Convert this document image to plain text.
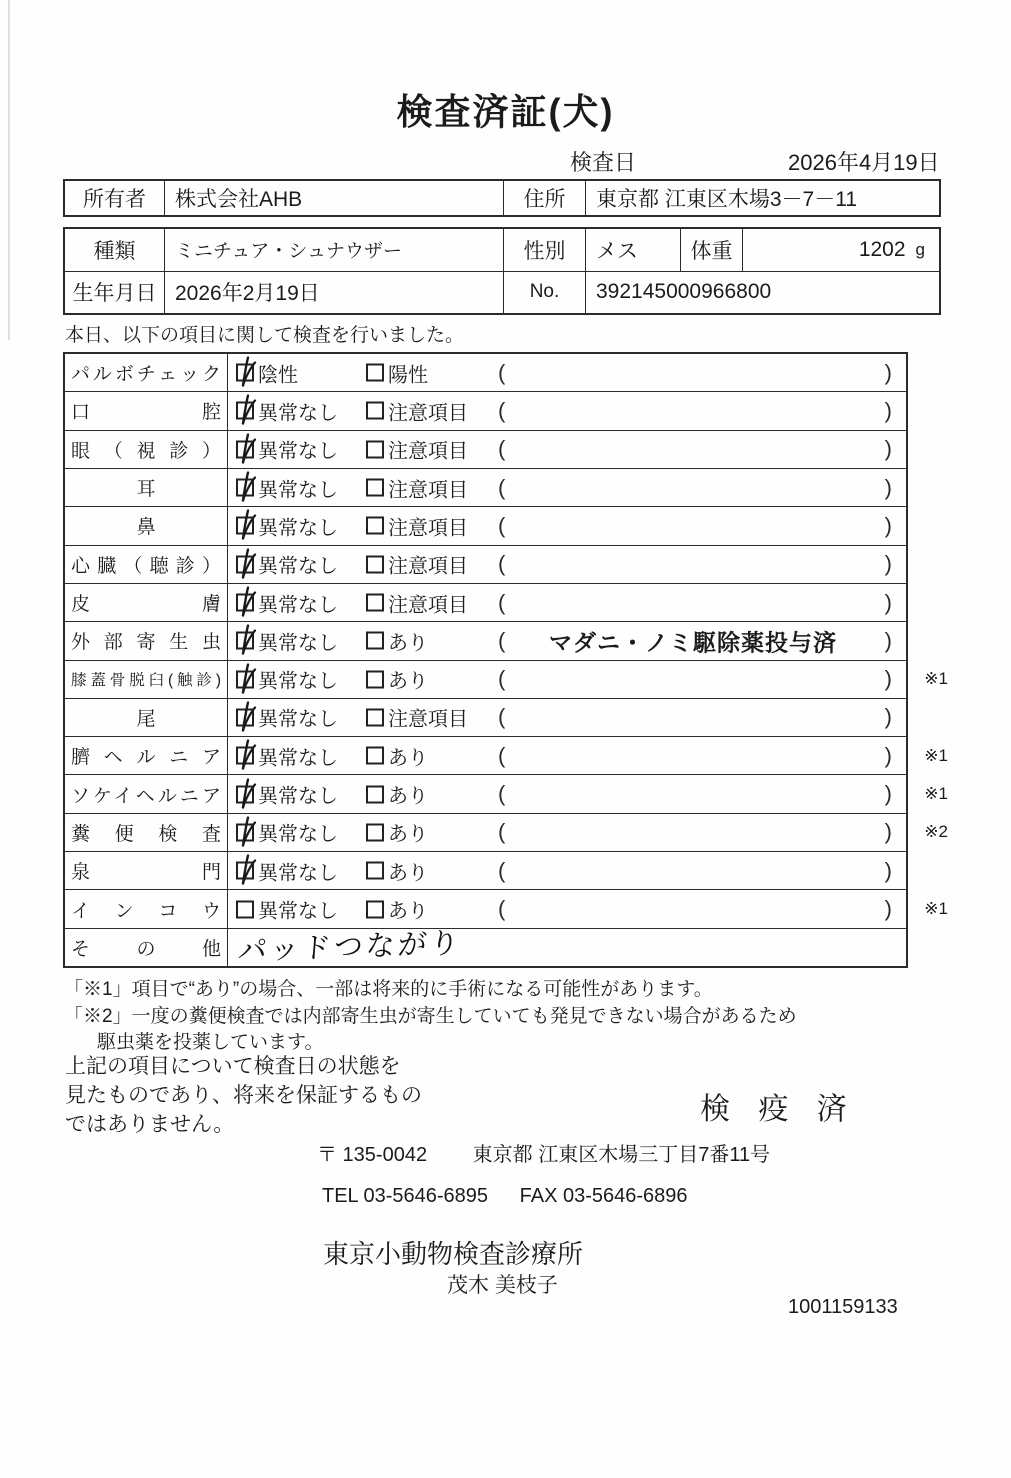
検査済証(犬)
検査日	2026年4月19日
所有者	株式会社AHB	住所	東京都 江東区木場3－7－11
種類	ミニチュア・シュナウザー	性別	メス	体重	1202 g
生年月日 2026年2月19日	No.	392145000966800
本日、以下の項目に関して検査を行いました。
パルボチェック 陰性	陽性	(	)
口腔 異常なし	注意項目 (	)
眼（視診） 異常なし	注意項目 (	)
耳	異常なし	注意項目 (	)
鼻	異常なし	注意項目 (	)
心臓（聴診） 異常なし	注意項目 (	)
皮膚 異常なし	注意項目 (	)
外部寄生虫 異常なし	あり	(	マダニ・ノミ駆除薬投与済	)
膝蓋骨脱臼(触診) 異常なし	あり	(	) ※1
尾	異常なし	注意項目 (	)
臍ヘルニア 異常なし	あり	(	) ※1
ソケイヘルニア 異常なし	あり	(	) ※1
糞便検査 異常なし	あり	(	) ※2
泉門 異常なし	あり	(	)
インコウ 異常なし	あり	(	) ※1
その他 パッドつながり
「※1」項目で“あり”の場合、一部は将来的に手術になる可能性があります。
「※2」一度の糞便検査では内部寄生虫が寄生していても発見できない場合があるため
駆虫薬を投薬しています。
上記の項目について検査日の状態を
見たものであり、将来を保証するもの
ではありません。	検 疫 済
〒 135-0042 東京都 江東区木場三丁目7番11号
TEL 03-5646-6895 FAX 03-5646-6896
東京小動物検査診療所
茂木 美枝子
1001159133
